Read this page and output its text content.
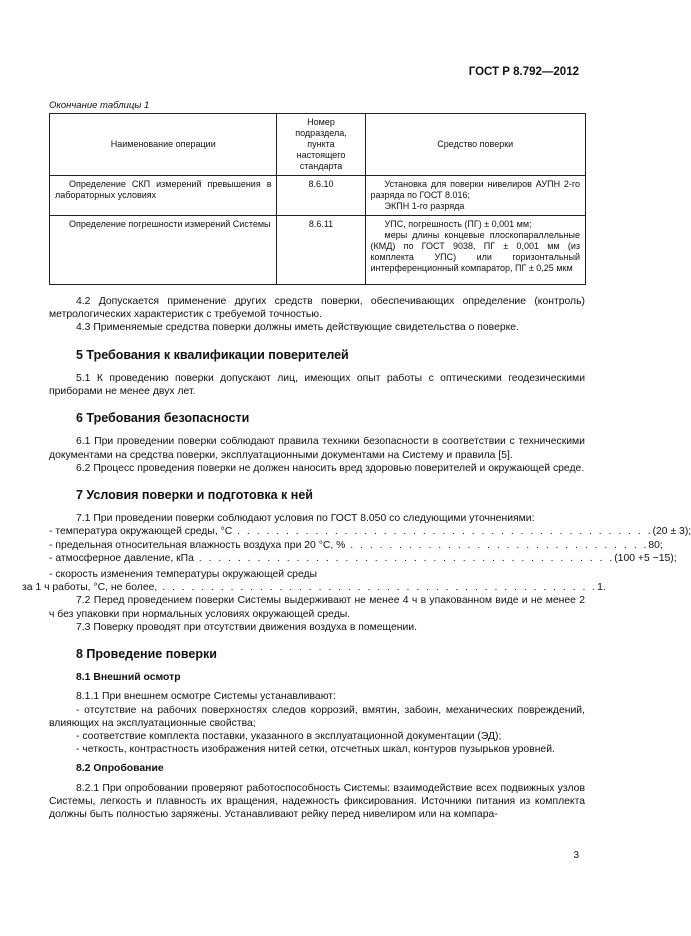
ГОСТ Р 8.792—2012
Окончание таблицы 1
Наименование операции	Номер подраздела, пункта настоящего стандарта	Средство поверки
Определение СКП измерений превышения в лабораторных условиях	8.6.10	Установка для поверки нивелиров АУПН 2-го разряда по ГОСТ 8.016;
ЭКПН 1-го разряда

Определение погрешности измерений Системы	8.6.11	УПС, погрешность (ПГ) ± 0,001 мм;
меры длины концевые плоскопараллельные (КМД) по ГОСТ 9038, ПГ ± 0,001 мм (из комплекта УПС) или горизонтальный интерференционный компаратор, ПГ ± 0,25 мкм

4.2 Допускается применение других средств поверки, обеспечивающих определение (контроль) метрологических характеристик с требуемой точностью.

4.3 Применяемые средства поверки должны иметь действующие свидетельства о поверке.

5 Требования к квалификации поверителей

5.1 К проведению поверки допускают лиц, имеющих опыт работы с оптическими геодезическими приборами не менее двух лет.

6 Требования безопасности

6.1 При проведении поверки соблюдают правила техники безопасности в соответствии с техническими документами на средства поверки, эксплуатационными документами на Систему и правила [5].

6.2 Процесс проведения поверки не должен наносить вред здоровью поверителей и окружающей среде.

7 Условия поверки и подготовка к ней

7.1 При проведении поверки соблюдают условия по ГОСТ 8.050 со следующими уточнениями:

- температура окружающей среды, °С . . . . . . . . . . . . . . . . . . . . . . . . . . . . . . . . . . . . . . . . . . . (20 ± 3);
- предельная относительная влажность воздуха при 20 °С, % . . . . . . . . . . . . . . . . . . . . . . . . . . . . . . . 80;
- атмосферное давление, кПа . . . . . . . . . . . . . . . . . . . . . . . . . . . . . . . . . . . . . . . . . . . (100 +5 −15);

- скорость изменения температуры окружающей среды

за 1 ч работы, °С, не более, . . . . . . . . . . . . . . . . . . . . . . . . . . . . . . . . . . . . . . . . . . . . . 1.

7.2 Перед проведением поверки Системы выдерживают не менее 4 ч в упакованном виде и не менее 2 ч без упаковки при нормальных условиях окружающей среды.

7.3 Поверку проводят при отсутствии движения воздуха в помещении.

8 Проведение поверки
8.1 Внешний осмотр

8.1.1 При внешнем осмотре Системы устанавливают:

- отсутствие на рабочих поверхностях следов коррозий, вмятин, забоин, механических повреждений, влияющих на эксплуатационные свойства;

- соответствие комплекта поставки, указанного в эксплуатационной документации (ЭД);

- четкость, контрастность изображения нитей сетки, отсчетных шкал, контуров пузырьков уровней.

8.2 Опробование

8.2.1 При опробовании проверяют работоспособность Системы: взаимодействие всех подвижных узлов Системы, легкость и плавность их вращения, надежность фиксирования. Источники питания из комплекта должны быть полностью заряжены. Устанавливают рейку перед нивелиром или на компара-

3
